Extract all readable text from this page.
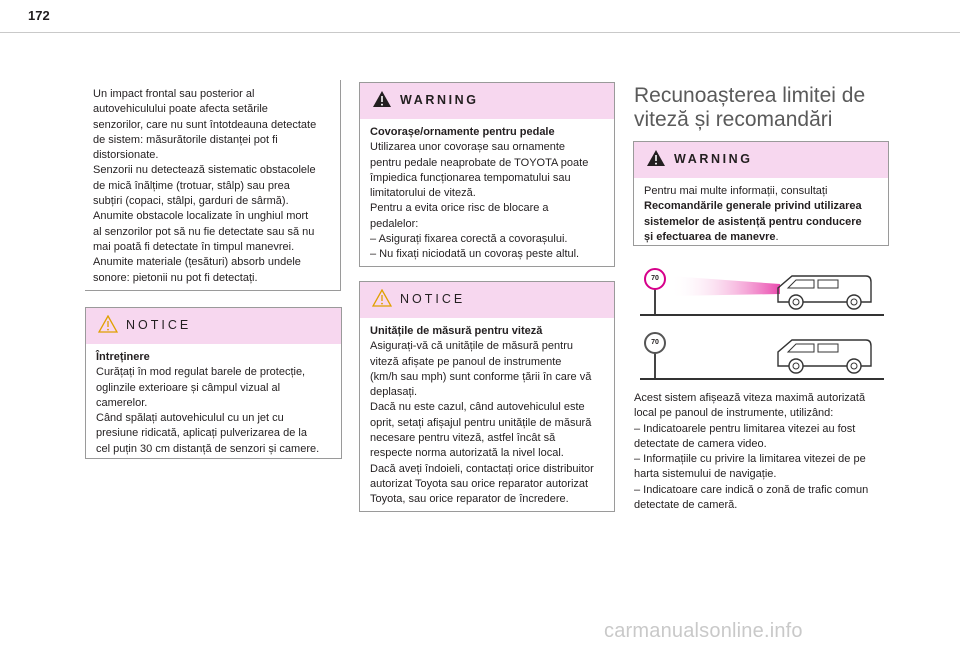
172

Un impact frontal sau posterior al

autovehiculului poate afecta setările

senzorilor, care nu sunt întotdeauna detectate

de sistem: măsurătorile distanței pot fi

distorsionate.

Senzorii nu detectează sistematic obstacolele

de mică înălțime (trotuar, stâlp) sau prea

subțiri (copaci, stâlpi, garduri de sârmă).

Anumite obstacole localizate în unghiul mort

al senzorilor pot să nu fie detectate sau să nu

mai poată fi detectate în timpul manevrei.

Anumite materiale (țesături) absorb undele

sonore: pietonii nu pot fi detectați.

NOTICE

Întreținere

Curățați în mod regulat barele de protecție,

oglinzile exterioare și câmpul vizual al

camerelor.

Când spălați autovehiculul cu un jet cu

presiune ridicată, aplicați pulverizarea de la

cel puțin 30 cm distanță de senzori și camere.

WARNING

Covorașe/ornamente pentru pedale

Utilizarea unor covorașe sau ornamente

pentru pedale neaprobate de TOYOTA poate

împiedica funcționarea tempomatului sau

limitatorului de viteză.

Pentru a evita orice risc de blocare a

pedalelor:

– Asigurați fixarea corectă a covorașului.

– Nu fixați niciodată un covoraș peste altul.

NOTICE

Unitățile de măsură pentru viteză

Asigurați-vă că unitățile de măsură pentru

viteză afișate pe panoul de instrumente

(km/h sau mph) sunt conforme țării în care vă

deplasați.

Dacă nu este cazul, când autovehiculul este

oprit, setați afișajul pentru unitățile de măsură

necesare pentru viteză, astfel încât să

respecte norma autorizată la nivel local.

Dacă aveți îndoieli, contactați orice distribuitor

autorizat Toyota sau orice reparator autorizat

Toyota, sau orice reparator de încredere.

Recunoașterea limitei de
viteză și recomandări
WARNING

Pentru mai multe informații, consultați

Recomandările generale privind utilizarea

sistemelor de asistență pentru conducere

și efectuarea de manevre.

70
70

Acest sistem afișează viteza maximă autorizată

local pe panoul de instrumente, utilizând:

– Indicatoarele pentru limitarea vitezei au fost

detectate de camera video.

– Informațiile cu privire la limitarea vitezei de pe

harta sistemului de navigație.

– Indicatoare care indică o zonă de trafic comun

detectate de cameră.

carmanualsonline.info
